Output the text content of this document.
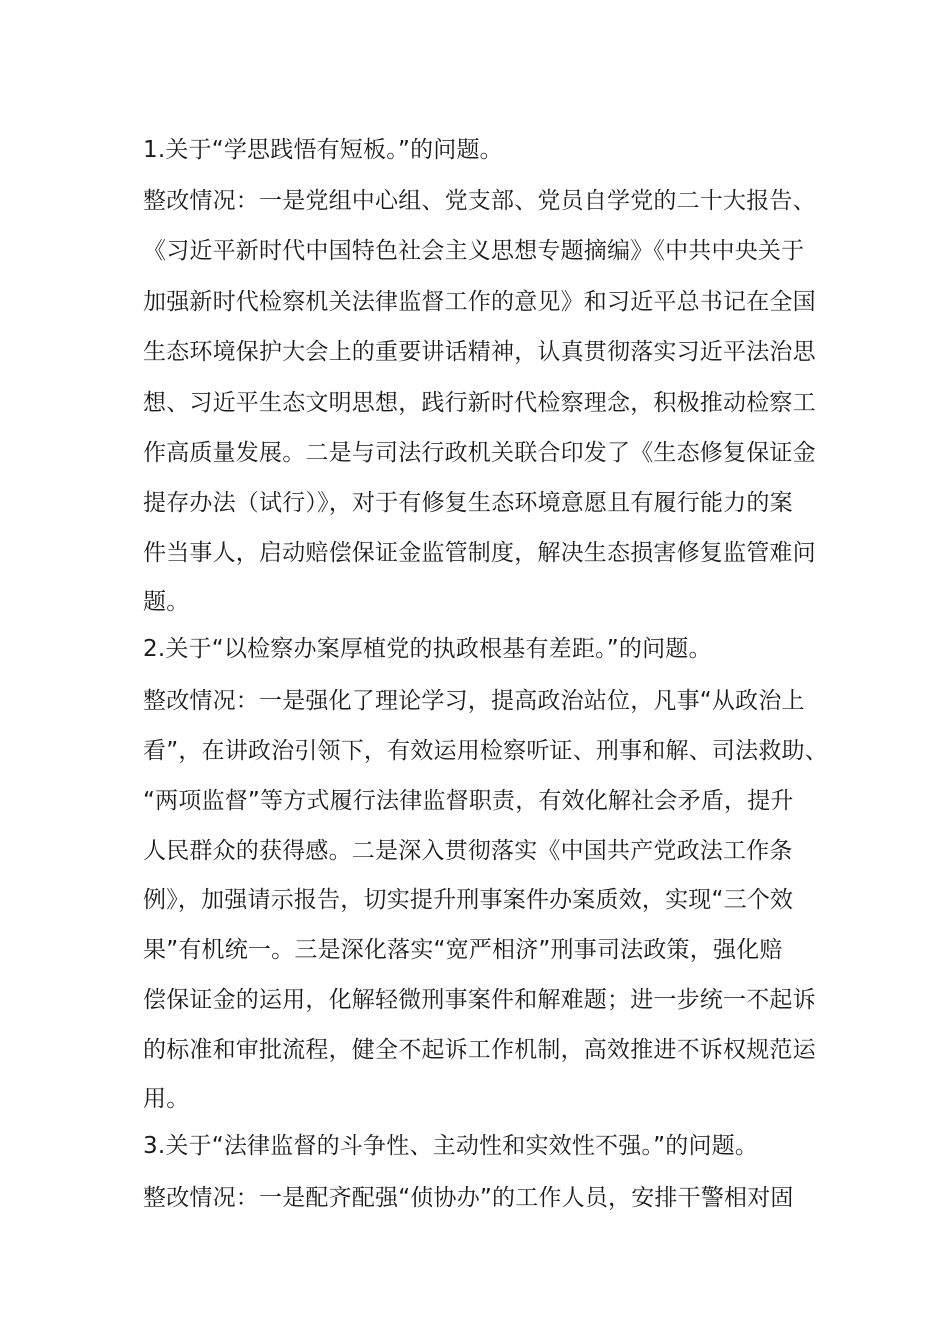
1.关于“学思践悟有短板。”的问题。
整改情况：一是党组中心组、党支部、党员自学党的二十大报告、
《习近平新时代中国特色社会主义思想专题摘编》《中共中央关于
加强新时代检察机关法律监督工作的意见》和习近平总书记在全国
生态环境保护大会上的重要讲话精神，认真贯彻落实习近平法治思
想、习近平生态文明思想，践行新时代检察理念，积极推动检察工
作高质量发展。二是与司法行政机关联合印发了《生态修复保证金
提存办法（试行）》，对于有修复生态环境意愿且有履行能力的案
件当事人，启动赔偿保证金监管制度，解决生态损害修复监管难问
题。
2.关于“以检察办案厚植党的执政根基有差距。”的问题。
整改情况：一是强化了理论学习，提高政治站位，凡事“从政治上
看”，在讲政治引领下，有效运用检察听证、刑事和解、司法救助、
“两项监督”等方式履行法律监督职责，有效化解社会矛盾，提升
人民群众的获得感。二是深入贯彻落实《中国共产党政法工作条
例》，加强请示报告，切实提升刑事案件办案质效，实现“三个效
果”有机统一。三是深化落实“宽严相济”刑事司法政策，强化赔
偿保证金的运用，化解轻微刑事案件和解难题；进一步统一不起诉
的标准和审批流程，健全不起诉工作机制，高效推进不诉权规范运
用。
3.关于“法律监督的斗争性、主动性和实效性不强。”的问题。
整改情况：一是配齐配强“侦协办”的工作人员，安排干警相对固
